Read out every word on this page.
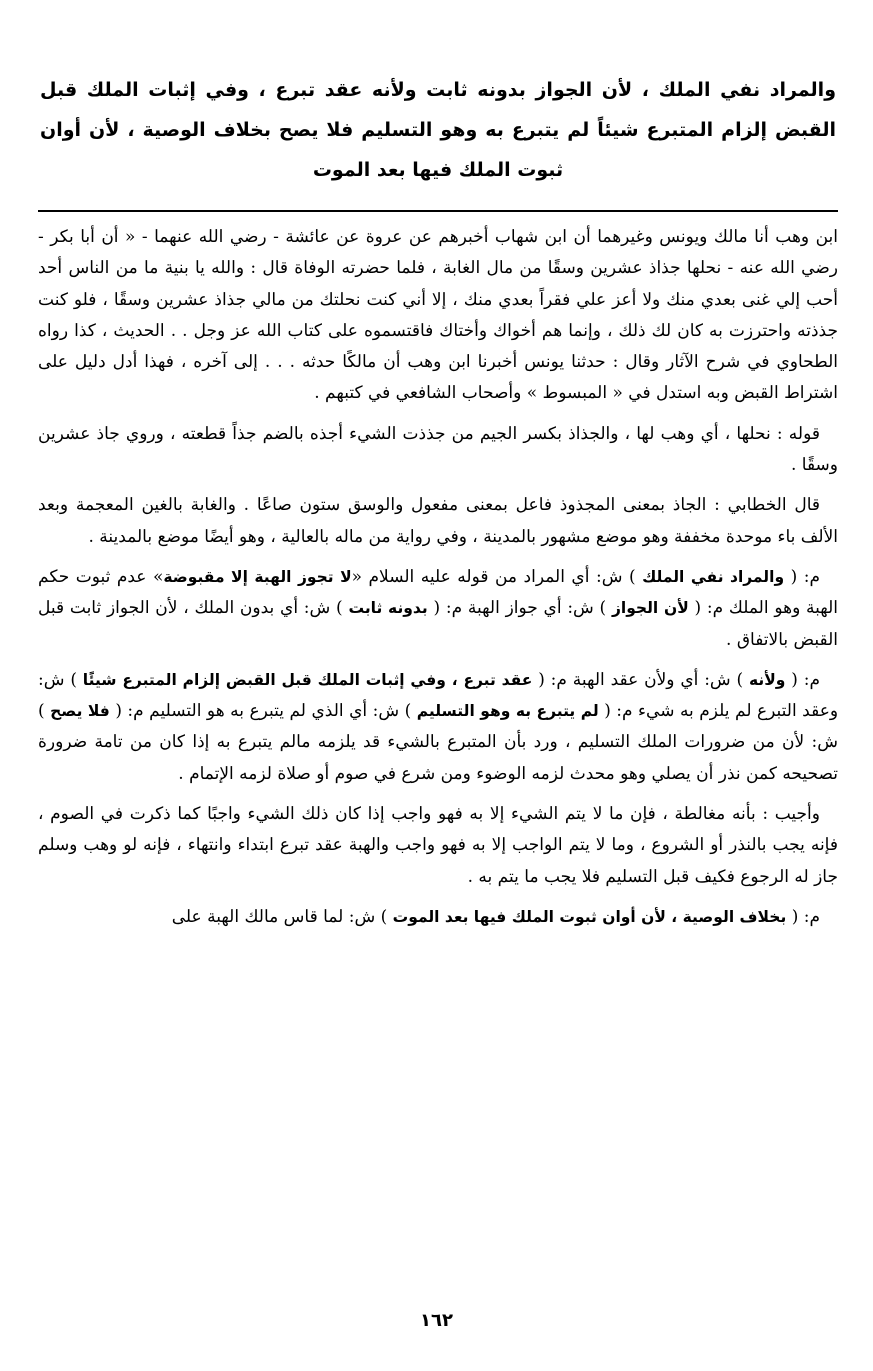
والمراد نفي الملك ، لأن الجواز بدونه ثابت ولأنه عقد تبرع ، وفي إثبات الملك قبل القبض إلزام المتبرع شيئاً لم يتبرع به وهو التسليم فلا يصح بخلاف الوصية ، لأن أوان ثبوت الملك فيها بعد الموت

ابن وهب أنا مالك ويونس وغيرهما أن ابن شهاب أخبرهم عن عروة عن عائشة - رضي الله عنهما - « أن أبا بكر - رضي الله عنه - نحلها جذاذ عشرين وسقًا من مال الغابة ، فلما حضرته الوفاة قال : والله يا بنية ما من الناس أحد أحب إلي غنى بعدي منك ولا أعز علي فقراً بعدي منك ، إلا أني كنت نحلتك من مالي جذاذ عشرين وسقًا ، فلو كنت جذذته واحترزت به كان لك ذلك ، وإنما هم أخواك وأختاك فاقتسموه على كتاب الله عز وجل . . الحديث ، كذا رواه الطحاوي في شرح الآثار وقال : حدثنا يونس أخبرنا ابن وهب أن مالكًا حدثه . . . إلى آخره ، فهذا أدل دليل على اشتراط القبض وبه استدل في « المبسوط » وأصحاب الشافعي في كتبهم .

قوله : نحلها ، أي وهب لها ، والجذاذ بكسر الجيم من جذذت الشيء أجذه بالضم جذاً قطعته ، وروي جاذ عشرين وسقًا .

قال الخطابي : الجاذ بمعنى المجذوذ فاعل بمعنى مفعول والوسق ستون صاعًا . والغابة بالغين المعجمة وبعد الألف باء موحدة مخففة وهو موضع مشهور بالمدينة ، وفي رواية من ماله بالعالية ، وهو أيضًا موضع بالمدينة .

م: ( والمراد نفي الملك ) ش: أي المراد من قوله عليه السلام «لا تجوز الهبة إلا مقبوضة» عدم ثبوت حكم الهبة وهو الملك م: ( لأن الجواز ) ش: أي جواز الهبة م: ( بدونه ثابت ) ش: أي بدون الملك ، لأن الجواز ثابت قبل القبض بالاتفاق .

م: ( ولأنه ) ش: أي ولأن عقد الهبة م: ( عقد تبرع ، وفي إثبات الملك قبل القبض إلزام المتبرع شيئًا ) ش: وعقد التبرع لم يلزم به شيء م: ( لم يتبرع به وهو التسليم ) ش: أي الذي لم يتبرع به هو التسليم م: ( فلا يصح ) ش: لأن من ضرورات الملك التسليم ، ورد بأن المتبرع بالشيء قد يلزمه مالم يتبرع به إذا كان من تامة ضرورة تصحيحه كمن نذر أن يصلي وهو محدث لزمه الوضوء ومن شرع في صوم أو صلاة لزمه الإتمام .

وأجيب : بأنه مغالطة ، فإن ما لا يتم الشيء إلا به فهو واجب إذا كان ذلك الشيء واجبًا كما ذكرت في الصوم ، فإنه يجب بالنذر أو الشروع ، وما لا يتم الواجب إلا به فهو واجب والهبة عقد تبرع ابتداء وانتهاء ، فإنه لو وهب وسلم جاز له الرجوع فكيف قبل التسليم فلا يجب ما يتم به .

م: ( بخلاف الوصية ، لأن أوان ثبوت الملك فيها بعد الموت ) ش: لما قاس مالك الهبة على

١٦٢
